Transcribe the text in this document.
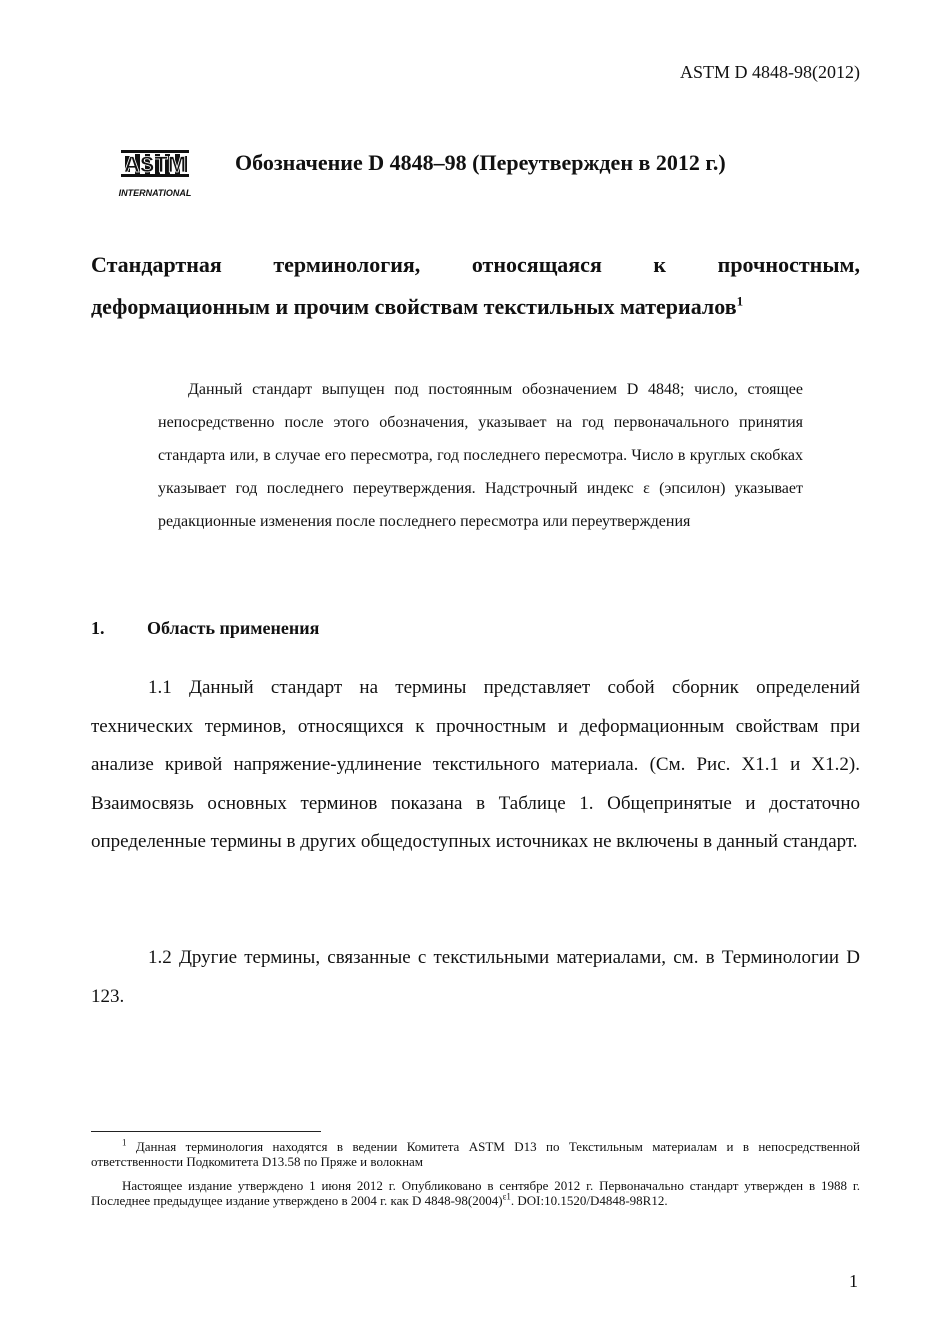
ASTM D 4848-98(2012)
ASTM
INTERNATIONAL
Обозначение D 4848–98 (Переутвержден в 2012 г.)
Стандартная терминология, относящаяся к прочностным,
деформационным и прочим свойствам текстильных материалов$^1$
Данный стандарт выпущен под постоянным обозначением D 4848; число, стоящее непосредственно после этого обозначения, указывает на год первоначального принятия стандарта или, в случае его пересмотра, год последнего пересмотра. Число в круглых скобках указывает год последнего переутверждения. Надстрочный индекс ε (эпсилон) указывает редакционные изменения после последнего пересмотра или переутверждения
1. Область применения
1.1 Данный стандарт на термины представляет собой сборник определений технических терминов, относящихся к прочностным и деформационным свойствам при анализе кривой напряжение-удлинение текстильного материала. (См. Рис. X1.1 и X1.2). Взаимосвязь основных терминов показана в Таблице 1. Общепринятые и достаточно определенные термины в других общедоступных источниках не включены в данный стандарт.
1.2 Другие термины, связанные с текстильными материалами, см. в Терминологии D 123.
$^1$ Данная терминология находятся в ведении Комитета ASTM D13 по Текстильным материалам и в непосредственной ответственности Подкомитета D13.58 по Пряже и волокнам
Настоящее издание утверждено 1 июня 2012 г. Опубликовано в сентябре 2012 г. Первоначально стандарт утвержден в 1988 г. Последнее предыдущее издание утверждено в 2004 г. как D $4848-98(2004)^{\varepsilon 1}$. DOI:10.1520/D4848-98R12.
1
